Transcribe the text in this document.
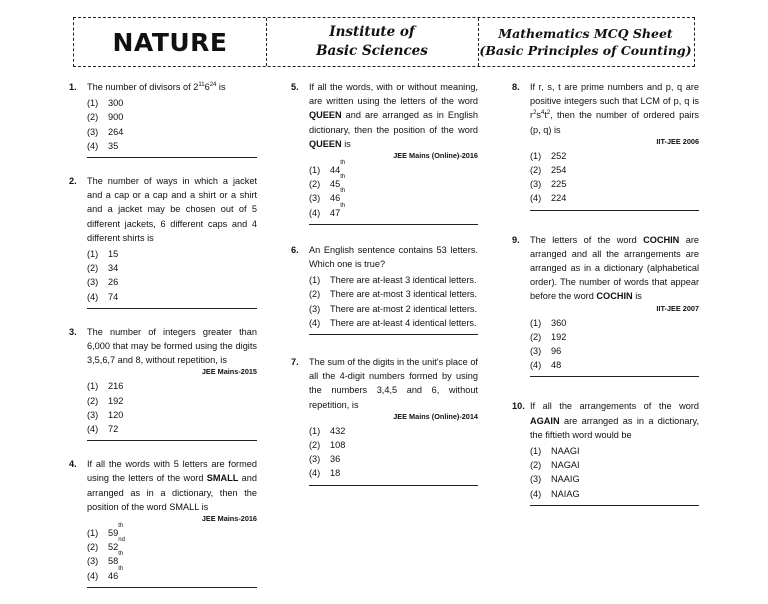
NATURE	Institute of
Basic Sciences
Mathematics MCQ Sheet
(Basic Principles of Counting)
1. The number of divisors of $2^{11}6^{24}$ is
(1)	300
(2)	900
(3)	264
(4)	35
2. The number of ways in which a jacket and a cap or a cap and a shirt or a shirt and a jacket may be chosen out of 5 different jackets, 6 different caps and 4 different shirts is
(1)	15
(2)	34
(3)	26
(4)	74
3. The number of integers greater than 6,000 that may be formed using the digits 3,5,6,7 and 8, without repetition, is
JEE Mains-2015
(1)	216
(2)	192
(3)	120
(4)	72
4. If all the words with 5 letters are formed using the letters of the word SMALL and arranged as in a dictionary, then the position of the word SMALL is
JEE Mains-2016
(1)	59
th
(2)	52
nd
(3)	58
th
(4)	46
th
5. If all the words, with or without meaning, are written using the letters of the word QUEEN and are arranged as in English dictionary, then the position of the word QUEEN is
JEE Mains (Online)-2016
(1)	44
th
(2)	45
th
(3)	46
th
(4)	47
th
6. An English sentence contains 53 letters. Which one is true?
(1)	There are at-least 3 identical letters.
(2)	There are at-most 3 identical letters.
(3)	There are at-most 2 identical letters.
(4)	There are at-least 4 identical letters.
7. The sum of the digits in the unit's place of all the 4-digit numbers formed by using the numbers 3,4,5 and 6, without repetition, is
JEE Mains (Online)-2014
(1)	432
(2)	108
(3)	36
(4)	18
8. If r, s, t are prime numbers and p, q are positive integers such that LCM of p, q is $r^2s^4t^2$, then the number of ordered pairs (p, q) is
IIT-JEE 2006
(1)	252
(2)	254
(3)	225
(4)	224
9. The letters of the word COCHIN are arranged and all the arrangements are arranged as in a dictionary (alphabetical order). The number of words that appear before the word COCHIN is
IIT-JEE 2007
(1)	360
(2)	192
(3)	96
(4)	48
10. If all the arrangements of the word AGAIN are arranged as in a dictionary, the fiftieth word would be
(1)	NAAGI
(2)	NAGAI
(3)	NAAIG
(4)	NAIAG
